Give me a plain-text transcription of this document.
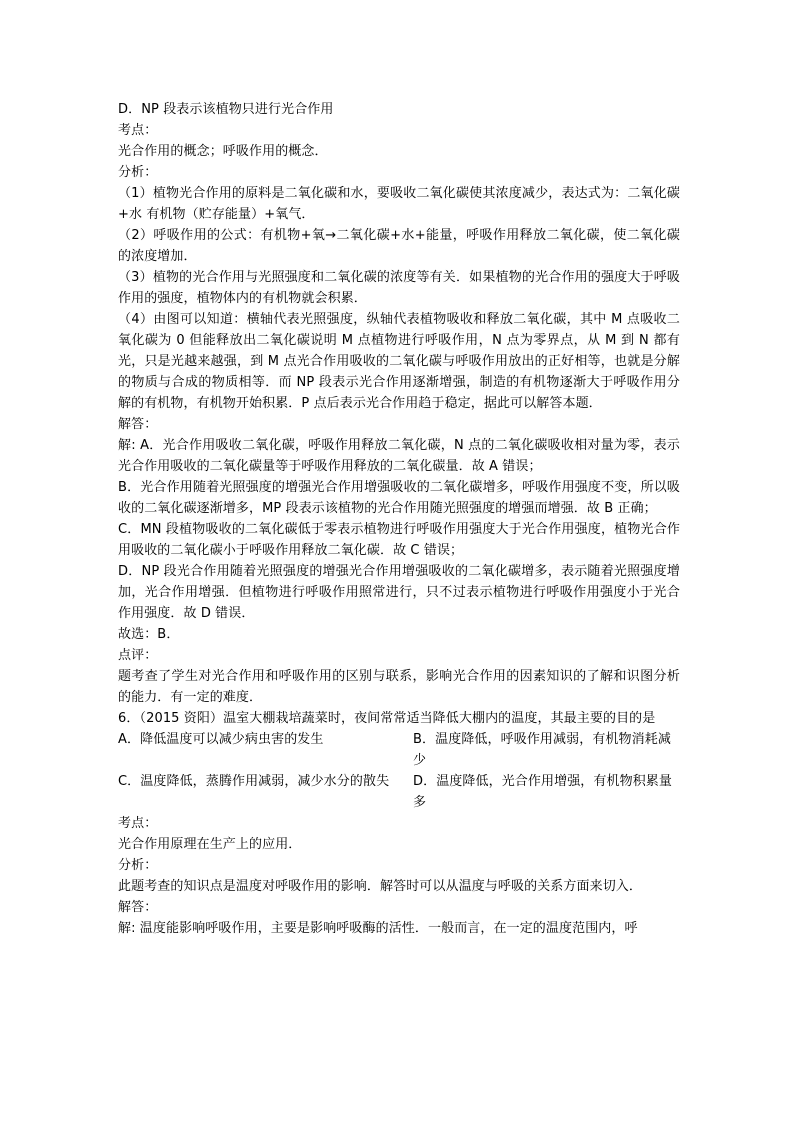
D．NP 段表示该植物只进行光合作用
考点：
光合作用的概念；呼吸作用的概念．
分析：

（1）植物光合作用的原料是二氧化碳和水，要吸收二氧化碳使其浓度减少，表达式为：二氧化碳+水 有机物（贮存能量）+氧气．

（2）呼吸作用的公式：有机物+氧→二氧化碳+水+能量，呼吸作用释放二氧化碳，使二氧化碳的浓度增加．

（3）植物的光合作用与光照强度和二氧化碳的浓度等有关．如果植物的光合作用的强度大于呼吸作用的强度，植物体内的有机物就会积累．

（4）由图可以知道：横轴代表光照强度，纵轴代表植物吸收和释放二氧化碳，其中 M 点吸收二氧化碳为 0 但能释放出二氧化碳说明 M 点植物进行呼吸作用，N 点为零界点，从 M 到 N 都有光，只是光越来越强，到 M 点光合作用吸收的二氧化碳与呼吸作用放出的正好相等，也就是分解的物质与合成的物质相等．而 NP 段表示光合作用逐渐增强，制造的有机物逐渐大于呼吸作用分解的有机物，有机物开始积累．P 点后表示光合作用趋于稳定，据此可以解答本题．

解答：

解: A．光合作用吸收二氧化碳，呼吸作用释放二氧化碳，N 点的二氧化碳吸收相对量为零，表示光合作用吸收的二氧化碳量等于呼吸作用释放的二氧化碳量．故 A 错误；

B．光合作用随着光照强度的增强光合作用增强吸收的二氧化碳增多，呼吸作用强度不变，所以吸收的二氧化碳逐渐增多，MP 段表示该植物的光合作用随光照强度的增强而增强．故 B 正确；

C．MN 段植物吸收的二氧化碳低于零表示植物进行呼吸作用强度大于光合作用强度，植物光合作用吸收的二氧化碳小于呼吸作用释放二氧化碳．故 C 错误；

D．NP 段光合作用随着光照强度的增强光合作用增强吸收的二氧化碳增多，表示随着光照强度增加，光合作用增强．但植物进行呼吸作用照常进行，只不过表示植物进行呼吸作用强度小于光合作用强度．故 D 错误．

故选：B．
点评：

题考查了学生对光合作用和呼吸作用的区别与联系，影响光合作用的因素知识的了解和识图分析的能力．有一定的难度．

6．（2015 资阳）温室大棚栽培蔬菜时，夜间常常适当降低大棚内的温度，其最主要的目的是

A．降低温度可以减少病虫害的发生	B．温度降低，呼吸作用减弱，有机物消耗减少
C．温度降低，蒸腾作用减弱，减少水分的散失	D．温度降低，光合作用增强，有机物积累量多
考点：
光合作用原理在生产上的应用．
分析：

此题考查的知识点是温度对呼吸作用的影响．解答时可以从温度与呼吸的关系方面来切入．

解答：

解: 温度能影响呼吸作用，主要是影响呼吸酶的活性．一般而言，在一定的温度范围内，呼
